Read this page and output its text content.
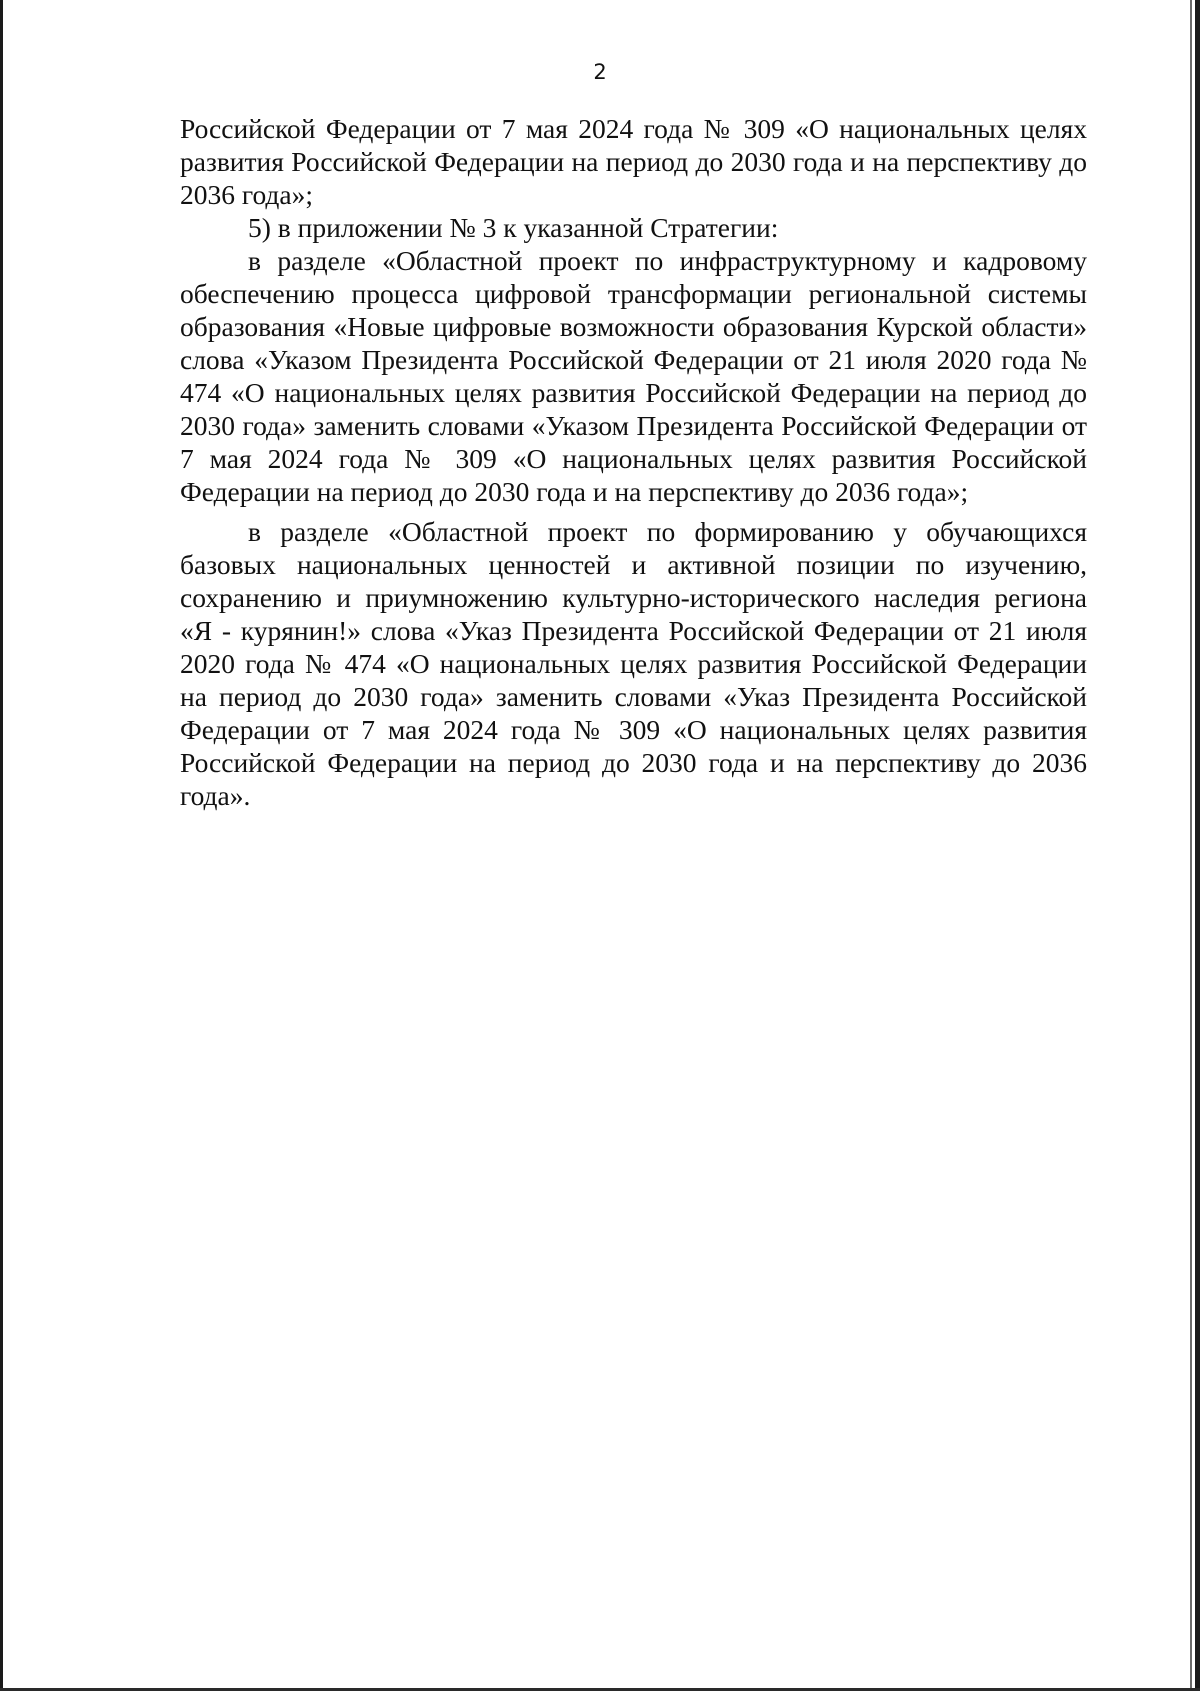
2

Российской Федерации от 7 мая 2024 года № 309 «О национальных целях развития Российской Федерации на период до 2030 года и на перспективу до 2036 года»;

5) в приложении № 3 к указанной Стратегии:

в разделе «Областной проект по инфраструктурному и кадровому обеспечению процесса цифровой трансформации региональной системы образования «Новые цифровые возможности образования Курской области» слова «Указом Президента Российской Федерации от 21 июля 2020 года № 474 «О национальных целях развития Российской Федерации на период до 2030 года» заменить словами «Указом Президента Российской Федерации от 7 мая 2024 года № 309 «О национальных целях развития Российской Федерации на период до 2030 года и на перспективу до 2036 года»;

в разделе «Областной проект по формированию у обучающихся базовых национальных ценностей и активной позиции по изучению, сохранению и приумножению культурно-исторического наследия региона «Я - курянин!» слова «Указ Президента Российской Федерации от 21 июля 2020 года № 474 «О национальных целях развития Российской Федерации на период до 2030 года» заменить словами «Указ Президента Российской Федерации от 7 мая 2024 года № 309 «О национальных целях развития Российской Федерации на период до 2030 года и на перспективу до 2036 года».
